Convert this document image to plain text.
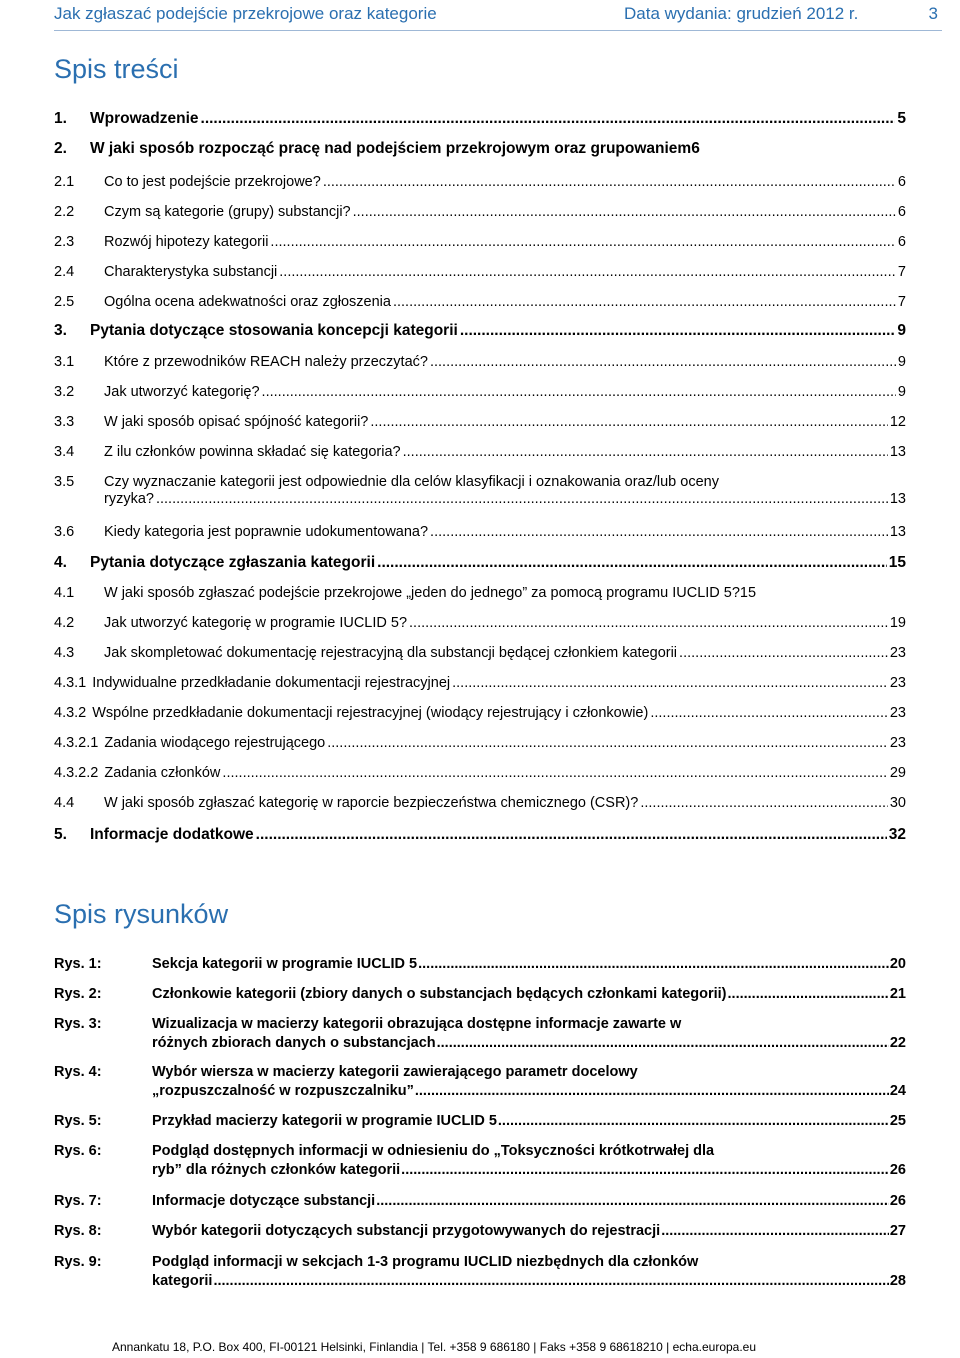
Jak zgłaszać podejście przekrojowe oraz kategorie	Data wydania: grudzień 2012 r.	3
Spis treści
1.	Wprowadzenie .....	5
2.	W jaki sposób rozpocząć pracę nad podejściem przekrojowym oraz grupowaniem 6
2.1	Co to jest podejście przekrojowe? .....	6
2.2	Czym są kategorie (grupy) substancji? .....	6
2.3	Rozwój hipotezy kategorii .....	6
2.4	Charakterystyka substancji .....	7
2.5	Ogólna ocena adekwatności oraz zgłoszenia .....	7
3.	Pytania dotyczące stosowania koncepcji kategorii .....	9
3.1	Które z przewodników REACH należy przeczytać? .....	9
3.2	Jak utworzyć kategorię? .....	9
3.3	W jaki sposób opisać spójność kategorii? .....	12
3.4	Z ilu członków powinna składać się kategoria? .....	13
3.5 Czy wyznaczanie kategorii jest odpowiednie dla celów klasyfikacji i oznakowania oraz/lub oceny
ryzyka? .....	13
3.6	Kiedy kategoria jest poprawnie udokumentowana? .....	13
4.	Pytania dotyczące zgłaszania kategorii .....	15
4.1	W jaki sposób zgłaszać podejście przekrojowe „jeden do jednego” za pomocą programu IUCLID 5? 15
4.2	Jak utworzyć kategorię w programie IUCLID 5? .....	19
4.3	Jak skompletować dokumentację rejestracyjną dla substancji będącej członkiem kategorii .....	23
4.3.1 Indywidualne przedkładanie dokumentacji rejestracyjnej .....	23
4.3.2 Wspólne przedkładanie dokumentacji rejestracyjnej (wiodący rejestrujący i członkowie) .....	23
4.3.2.1 Zadania wiodącego rejestrującego .....	23
4.3.2.2 Zadania członków .....	29
4.4	W jaki sposób zgłaszać kategorię w raporcie bezpieczeństwa chemicznego (CSR)? .....	30
5.	Informacje dodatkowe .....	32
Spis rysunków
Rys. 1:	Sekcja kategorii w programie IUCLID 5 .....	20
Rys. 2:	Członkowie kategorii (zbiory danych o substancjach będących członkami kategorii) .....	21
Rys. 3:	Wizualizacja w macierzy kategorii obrazująca dostępne informacje zawarte w
różnych zbiorach danych o substancjach .....	22
Rys. 4:	Wybór wiersza w macierzy kategorii zawierającego parametr docelowy
„rozpuszczalność w rozpuszczalniku” .....	24
Rys. 5:	Przykład macierzy kategorii w programie IUCLID 5 .....	25
Rys. 6:	Podgląd dostępnych informacji w odniesieniu do „Toksyczności krótkotrwałej dla
ryb” dla różnych członków kategorii .....	26
Rys. 7:	Informacje dotyczące substancji .....	26
Rys. 8:	Wybór kategorii dotyczących substancji przygotowywanych do rejestracji .....	27
Rys. 9:	Podgląd informacji w sekcjach 1-3 programu IUCLID niezbędnych dla członków
kategorii .....	28
Annankatu 18, P.O. Box 400, FI-00121 Helsinki, Finlandia | Tel. +358 9 686180 | Faks +358 9 68618210 | echa.europa.eu
